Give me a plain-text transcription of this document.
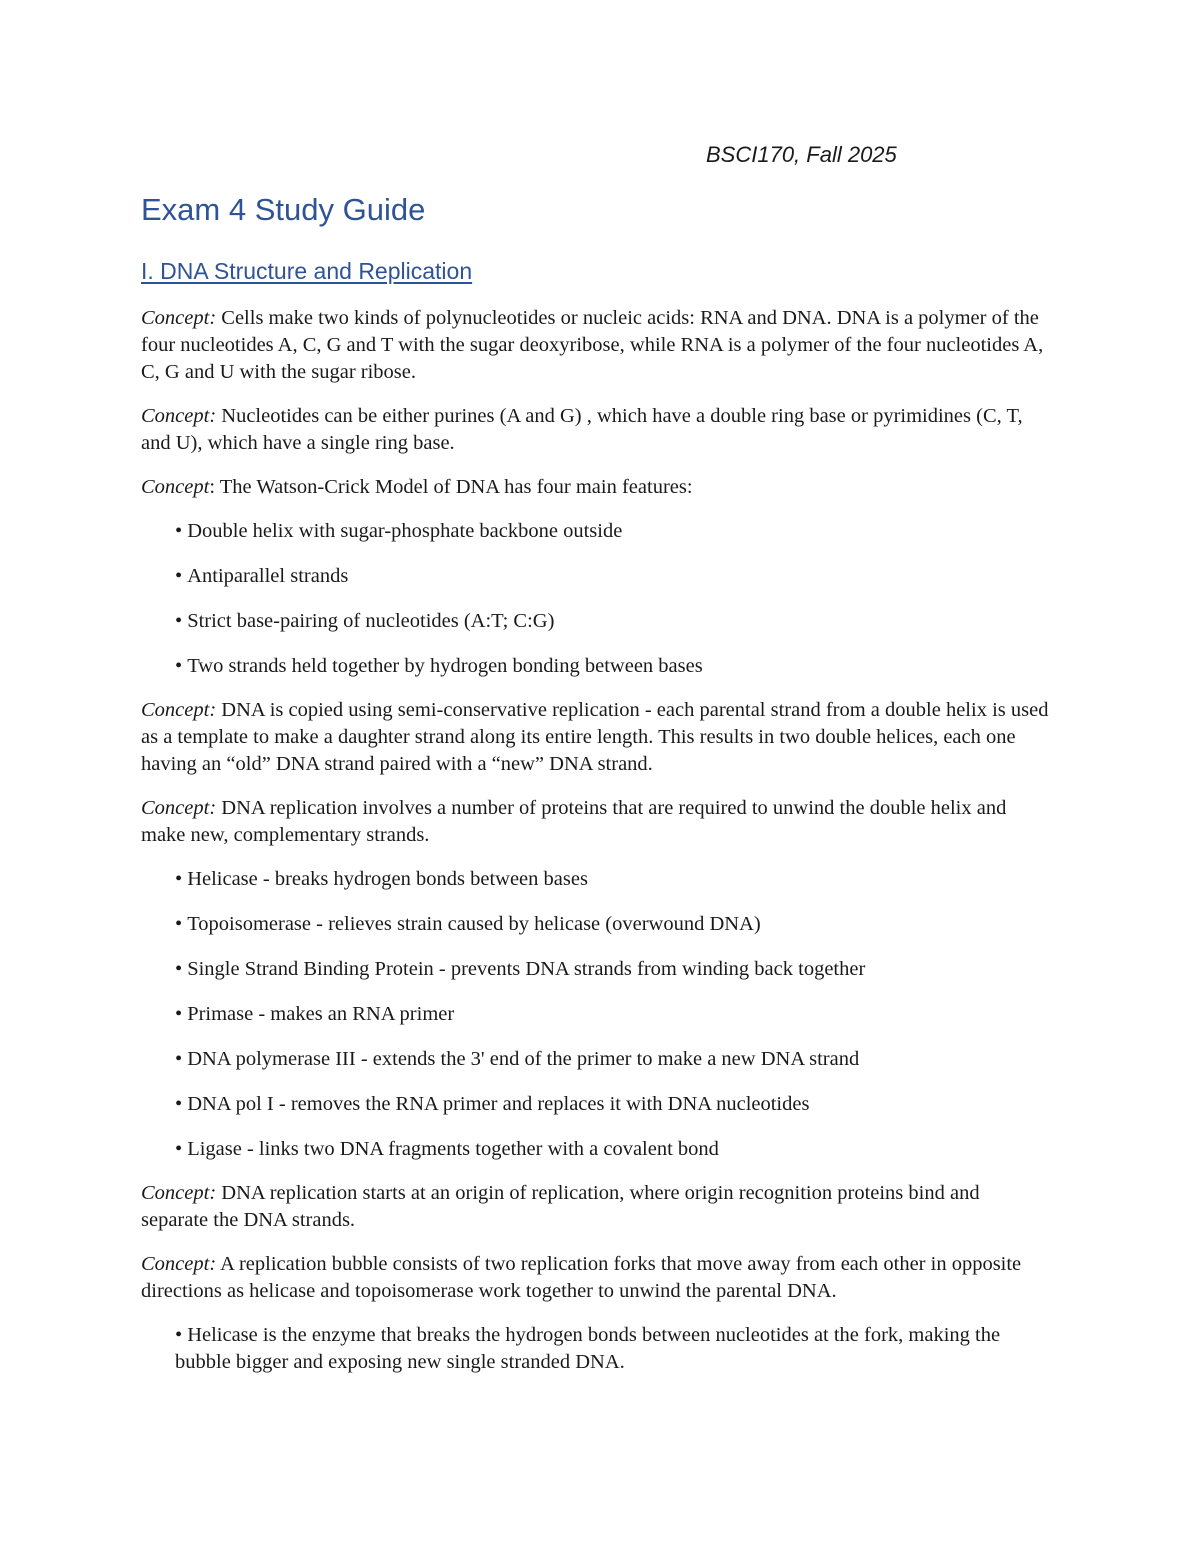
BSCI170, Fall 2025
Exam 4 Study Guide
I. DNA Structure and Replication

Concept: Cells make two kinds of polynucleotides or nucleic acids: RNA and DNA. DNA is a polymer of the four nucleotides A, C, G and T with the sugar deoxyribose, while RNA is a polymer of the four nucleotides A, C, G and U with the sugar ribose.

Concept: Nucleotides can be either purines (A and G) , which have a double ring base or pyrimidines (C, T, and U), which have a single ring base.

Concept: The Watson-Crick Model of DNA has four main features:

• Double helix with sugar-phosphate backbone outside
• Antiparallel strands
• Strict base-pairing of nucleotides (A:T; C:G)
• Two strands held together by hydrogen bonding between bases

Concept: DNA is copied using semi-conservative replication - each parental strand from a double helix is used as a template to make a daughter strand along its entire length. This results in two double helices, each one having an “old” DNA strand paired with a “new” DNA strand.

Concept: DNA replication involves a number of proteins that are required to unwind the double helix and make new, complementary strands.

• Helicase - breaks hydrogen bonds between bases
• Topoisomerase - relieves strain caused by helicase (overwound DNA)
• Single Strand Binding Protein - prevents DNA strands from winding back together
• Primase - makes an RNA primer
• DNA polymerase III - extends the 3' end of the primer to make a new DNA strand
• DNA pol I - removes the RNA primer and replaces it with DNA nucleotides
• Ligase - links two DNA fragments together with a covalent bond

Concept: DNA replication starts at an origin of replication, where origin recognition proteins bind and separate the DNA strands.

Concept: A replication bubble consists of two replication forks that move away from each other in opposite directions as helicase and topoisomerase work together to unwind the parental DNA.

• Helicase is the enzyme that breaks the hydrogen bonds between nucleotides at the fork, making the bubble bigger and exposing new single stranded DNA.
